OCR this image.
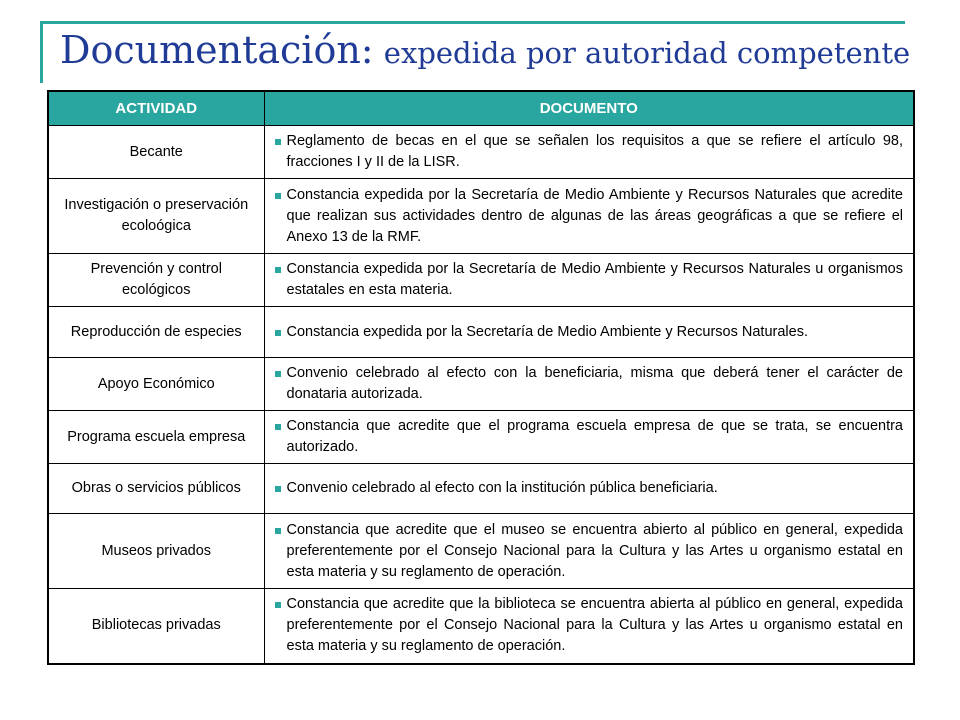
Documentación: expedida por autoridad competente
ACTIVIDAD	DOCUMENTO
Becante	Reglamento de becas en el que se señalen los requisitos a que se refiere el artículo 98, fracciones I y II de la LISR.

Investigación o preservación ecoloógica	Constancia expedida por la Secretaría de Medio Ambiente y Recursos Naturales que acredite que realizan sus actividades dentro de algunas de las áreas geográficas a que se refiere el Anexo 13 de la RMF.

Prevención y control ecológicos	Constancia expedida por la Secretaría de Medio Ambiente y Recursos Naturales u organismos estatales en esta materia.

Reproducción de especies	Constancia expedida por la Secretaría de Medio Ambiente y Recursos Naturales.

Apoyo Económico	Convenio celebrado al efecto con la beneficiaria, misma que deberá tener el carácter de donataria autorizada.

Programa escuela empresa	Constancia que acredite que el programa escuela empresa de que se trata, se encuentra autorizado.

Obras o servicios públicos	Convenio celebrado al efecto con la institución pública beneficiaria.

Museos privados	Constancia que acredite que el museo se encuentra abierto al público en general, expedida preferentemente por el Consejo Nacional para la Cultura y las Artes u organismo estatal en esta materia y su reglamento de operación.

Bibliotecas privadas	Constancia que acredite que la biblioteca se encuentra abierta al público en general, expedida preferentemente por el Consejo Nacional para la Cultura y las Artes u organismo estatal en esta materia y su reglamento de operación.
